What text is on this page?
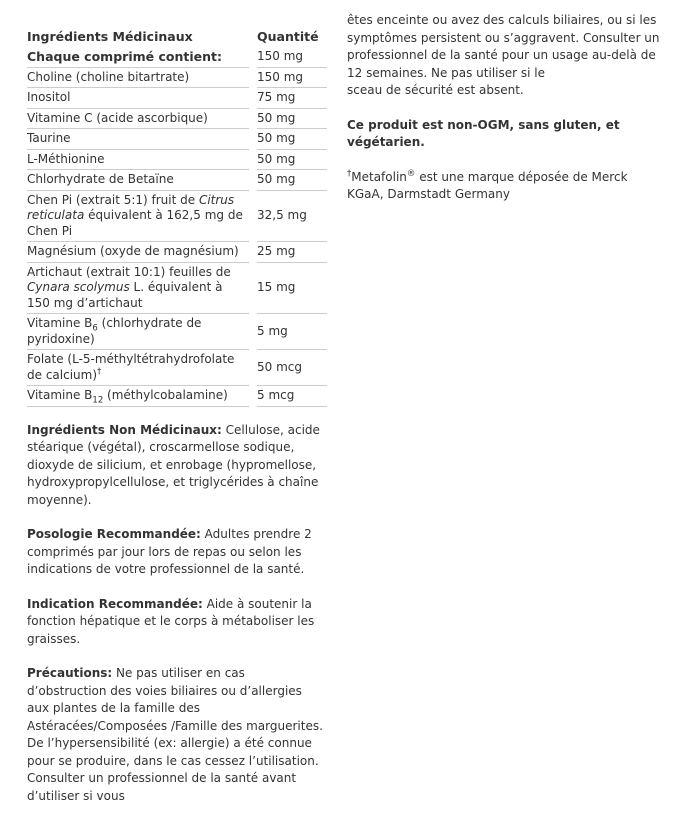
Ingrédients Médicinaux	Quantité
Chaque comprimé contient:	150 mg
Choline (choline bitartrate)	150 mg
Inositol	75 mg
Vitamine C (acide ascorbique)	50 mg
Taurine	50 mg
L-Méthionine	50 mg
Chlorhydrate de Betaïne	50 mg
Chen Pi (extrait 5:1) fruit de Citrus reticulata équivalent à 162,5 mg de Chen Pi	32,5 mg
Magnésium (oxyde de magnésium)	25 mg
Artichaut (extrait 10:1) feuilles de Cynara scolymus L. équivalent à 150 mg d’artichaut	15 mg
Vitamine $B_6$ (chlorhydrate de pyridoxine)	5 mg
Folate (L-5-méthyltétrahydrofolate de calcium)†	50 mcg
Vitamine $B_{12}$ (méthylcobalamine)	5 mcg

Ingrédients Non Médicinaux: Cellulose, acide stéarique (végétal), croscarmellose sodique, dioxyde de silicium, et enrobage (hypromellose, hydroxypropylcellulose, et triglycérides à chaîne moyenne).

Posologie Recommandée: Adultes prendre 2 comprimés par jour lors de repas ou selon les indications de votre professionnel de la santé.

Indication Recommandée: Aide à soutenir la fonction hépatique et le corps à métaboliser les graisses.

Précautions: Ne pas utiliser en cas d’obstruction des voies biliaires ou d’allergies aux plantes de la famille des Astéracées/Composées /Famille des marguerites. De l’hypersensibilité (ex: allergie) a été connue pour se produire, dans le cas cessez l’utilisation. Consulter un professionnel de la santé avant d’utiliser si vous

êtes enceinte ou avez des calculs biliaires, ou si les symptômes persistent ou s’aggravent. Consulter un professionnel de la santé pour un usage au-delà de 12 semaines. Ne pas utiliser si le
sceau de sécurité est absent.

Ce produit est non-OGM, sans gluten, et végétarien.

†Metafolin® est une marque déposée de Merck KGaA, Darmstadt Germany
